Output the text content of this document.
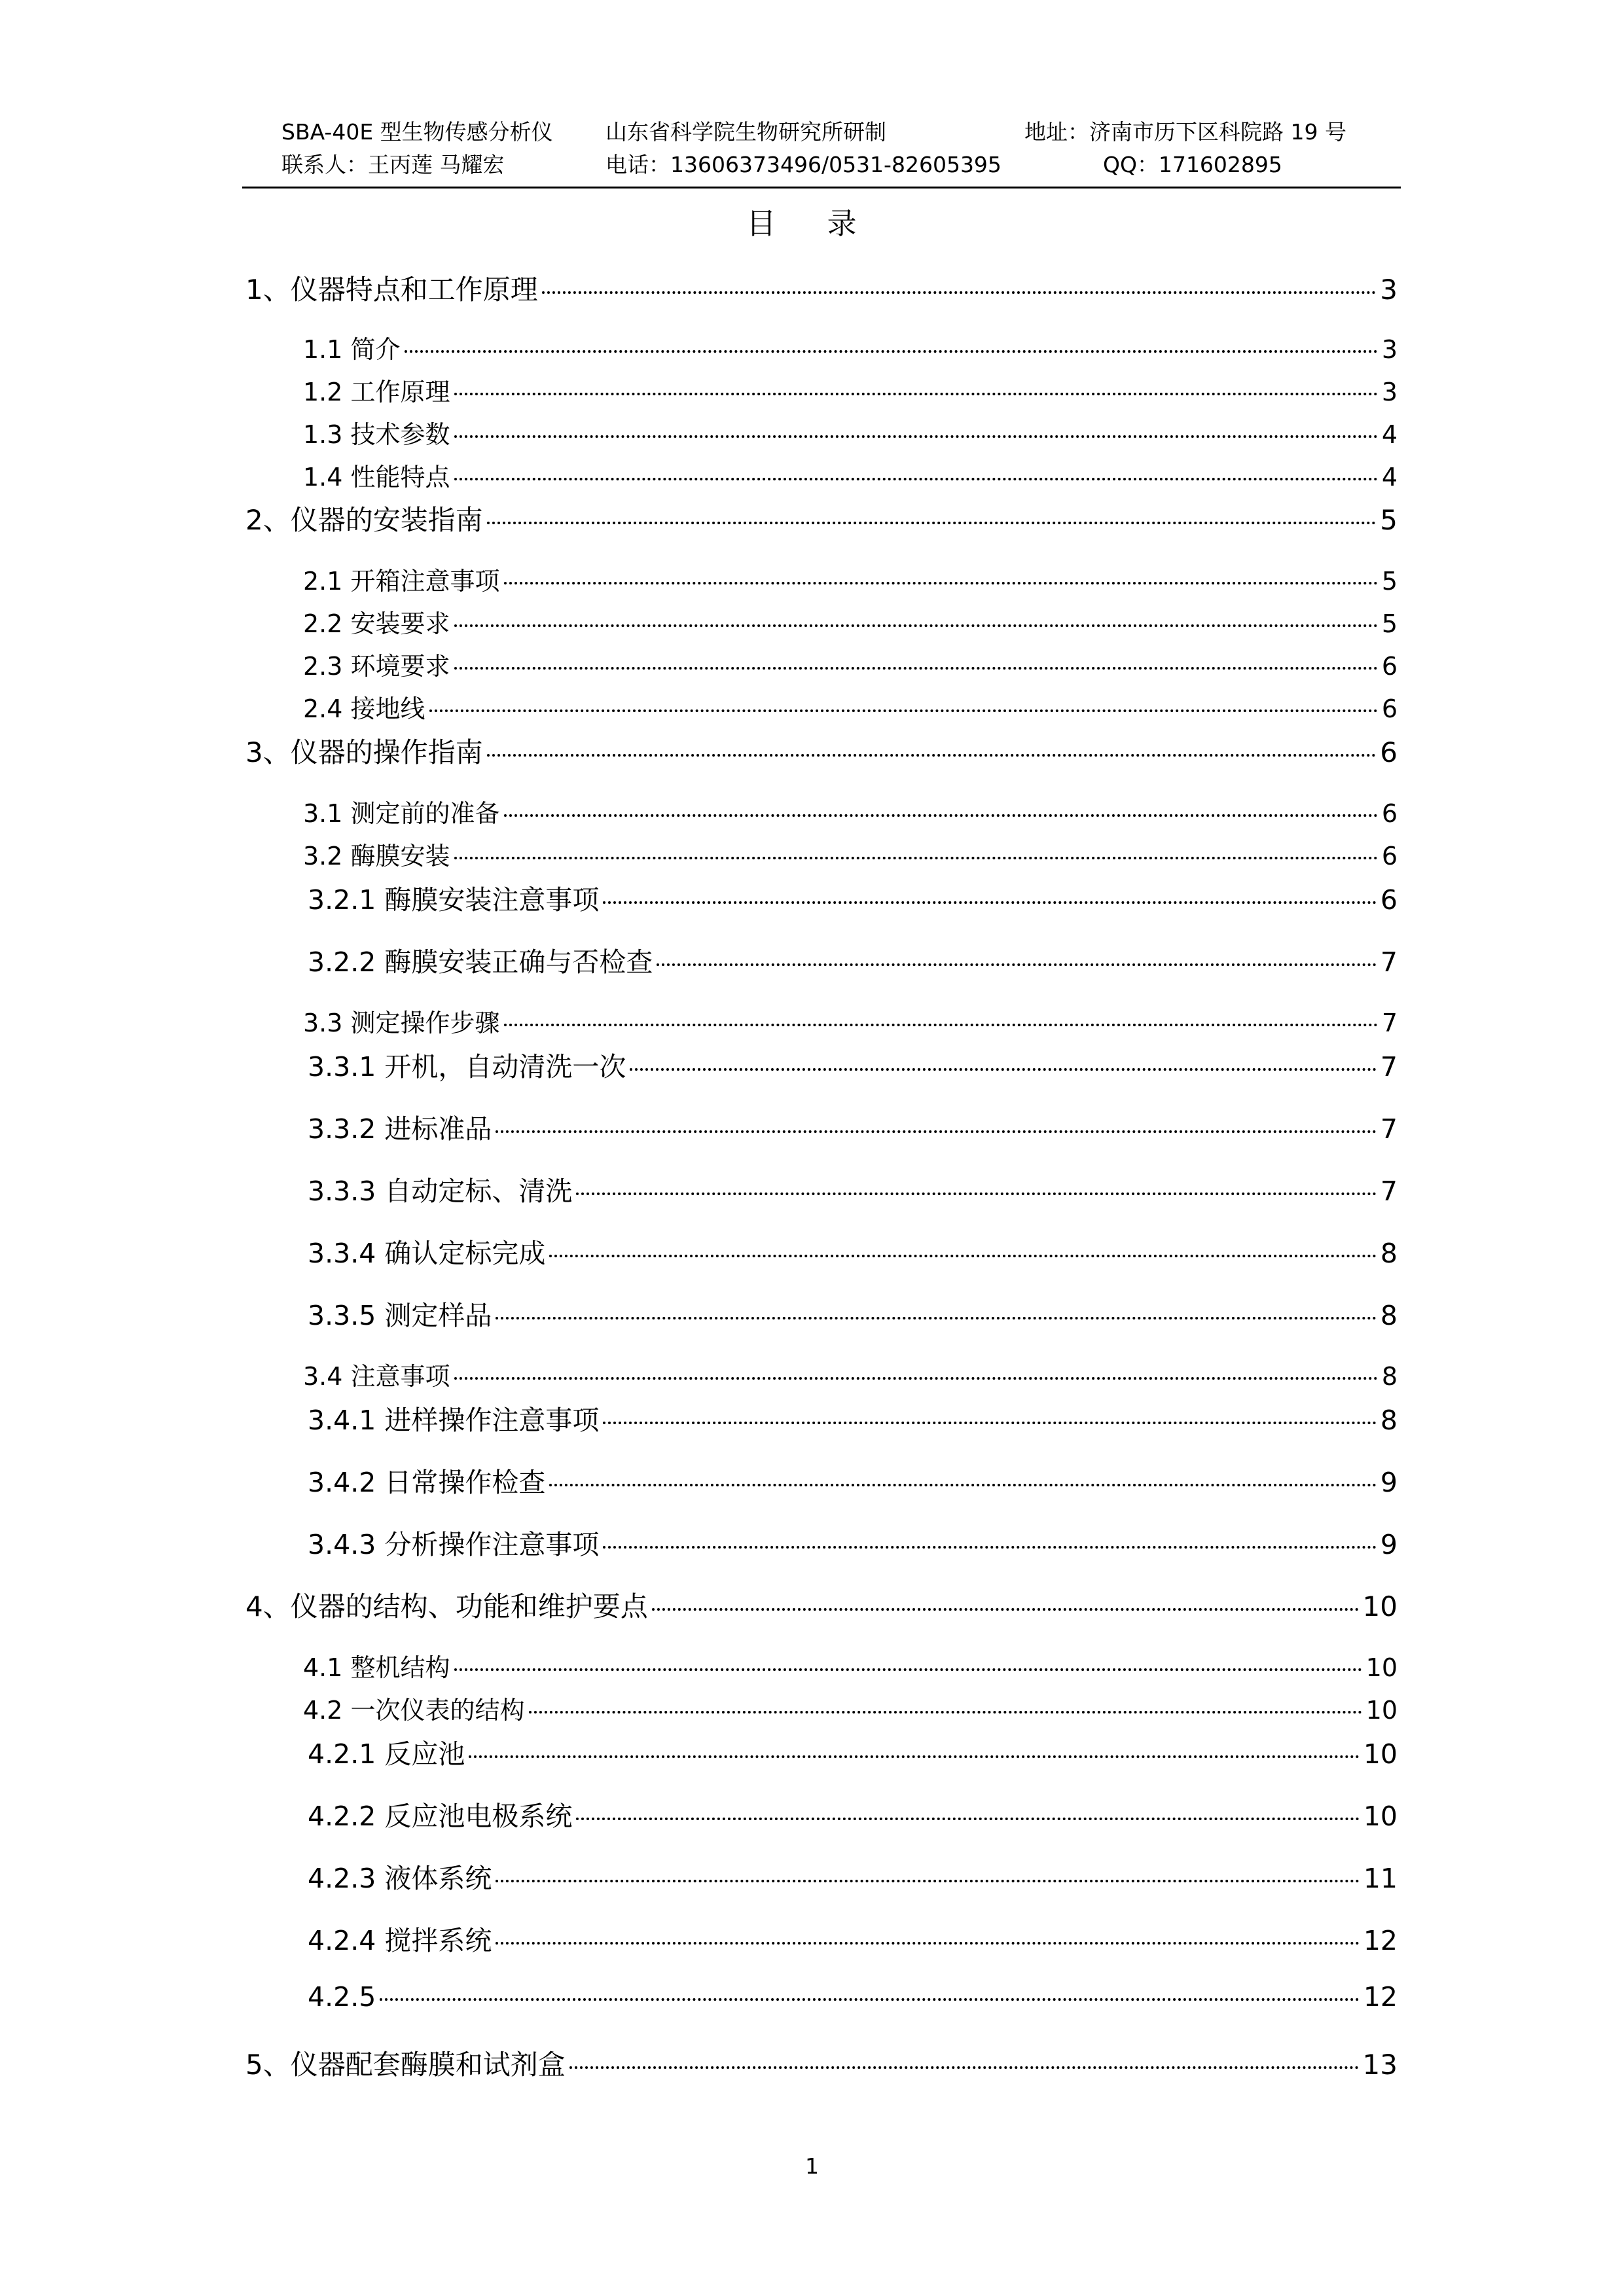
SBA-40E 型生物传感分析仪 山东省科学院生物研究所研制	地址：济南市历下区科院路 19 号
联系人：王丙莲 马耀宏	电话：13606373496/0531-82605395	QQ：171602895
目 录
1、仪器特点和工作原理	3
1.1 简介	3
1.2 工作原理	3
1.3 技术参数	4
1.4 性能特点	4
2、仪器的安装指南	5
2.1 开箱注意事项	5
2.2 安装要求	5
2.3 环境要求	6
2.4 接地线	6
3、仪器的操作指南	6
3.1 测定前的准备	6
3.2 酶膜安装	6
3.2.1 酶膜安装注意事项	6
3.2.2 酶膜安装正确与否检查	7
3.3 测定操作步骤	7
3.3.1 开机，自动清洗一次	7
3.3.2 进标准品	7
3.3.3 自动定标、清洗	7
3.3.4 确认定标完成	8
3.3.5 测定样品	8
3.4 注意事项	8
3.4.1 进样操作注意事项	8
3.4.2 日常操作检查	9
3.4.3 分析操作注意事项	9
4、仪器的结构、功能和维护要点	10
4.1 整机结构	10
4.2 一次仪表的结构	10
4.2.1 反应池	10
4.2.2 反应池电极系统	10
4.2.3 液体系统	11
4.2.4 搅拌系统	12
4.2.5	12
5、仪器配套酶膜和试剂盒	13
1
